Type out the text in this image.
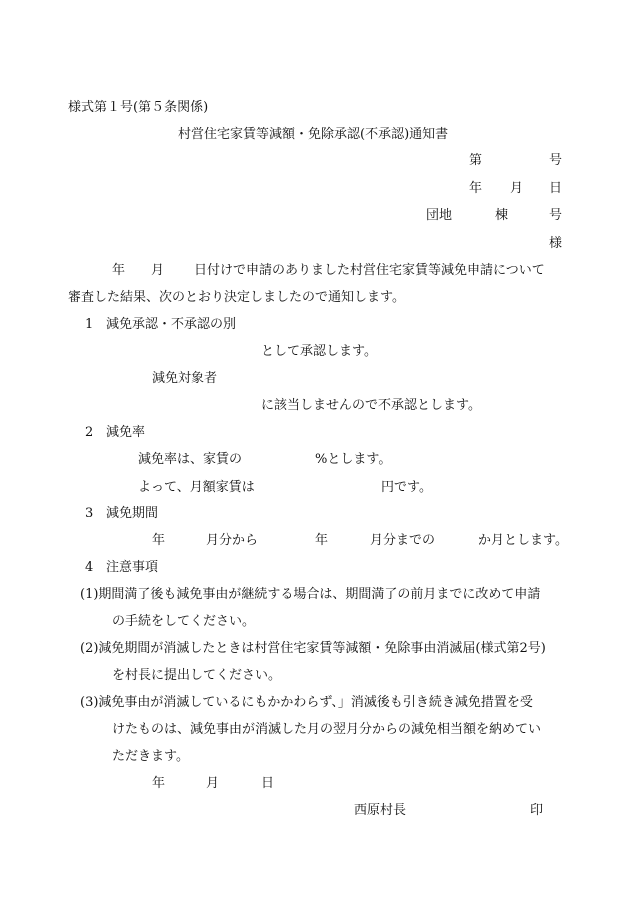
様式第１号(第５条関係)
村営住宅家賃等減額・免除承認(不承認)通知書
第	号
年 月 日
団地	棟	号
様
年 月 日付けで申請のありました村営住宅家賃等減免申請について
審査した結果、次のとおり決定しましたので通知します。
1 減免承認・不承認の別
として承認します。
減免対象者
に該当しませんので不承認とします。
2 減免率
減免率は、家賃の	%とします。
よって、月額家賃は	円です。
3 減免期間
年	月分から	年	月分までの	か月とします。
4 注意事項
(1)期間満了後も減免事由が継続する場合は、期間満了の前月までに改めて申請
の手続をしてください。
(2)減免期間が消滅したときは村営住宅家賃等減額・免除事由消滅届(様式第2号)
を村長に提出してください。
(3)減免事由が消滅しているにもかかわらず、」消滅後も引き続き減免措置を受
けたものは、減免事由が消滅した月の翌月分からの減免相当額を納めてい
ただきます。
年	月	日
西原村長	印
